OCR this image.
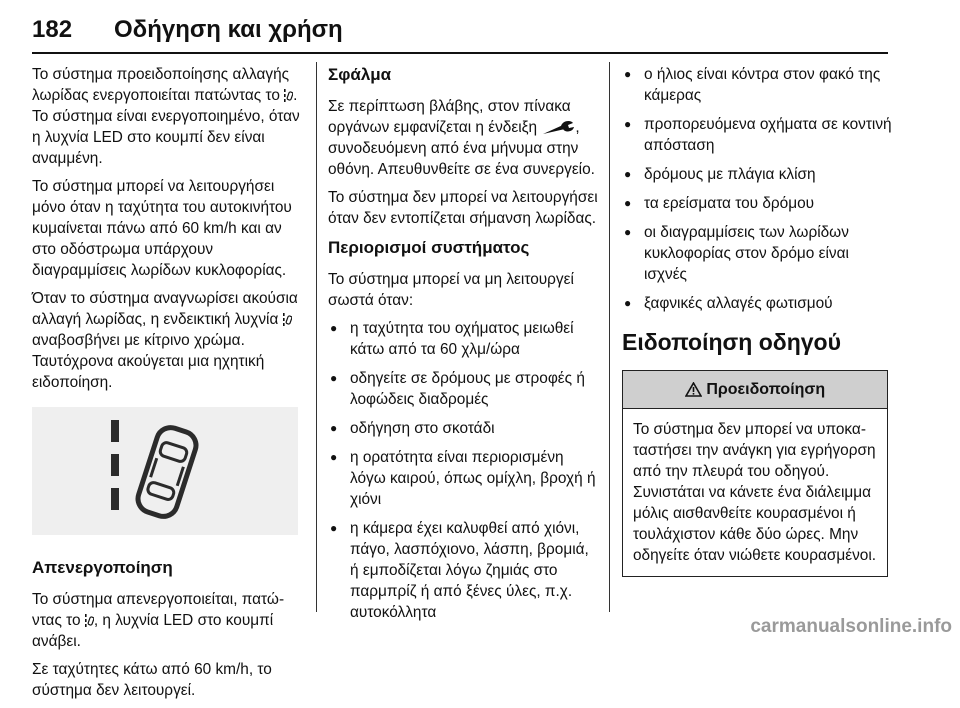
182	Οδήγηση και χρήση

Το σύστημα προειδοποίησης αλλαγής λωρίδας ενεργοποιείται πατώντας το . Το σύστημα είναι ενεργοποιημένο, όταν η λυχνία LED στο κουμπί δεν είναι αναμμένη.

Το σύστημα μπορεί να λειτουργήσει μόνο όταν η ταχύτητα του αυτοκινήτου κυμαίνεται πάνω από 60 km/h και αν στο οδόστρωμα υπάρχουν διαγραμμίσεις λωρίδων κυκλοφορίας.

Όταν το σύστημα αναγνωρίσει ακούσια αλλαγή λωρίδας, η ενδεικτική λυχνία  αναβοσβήνει με κίτρινο χρώμα. Ταυτόχρονα ακούγεται μια ηχητική ειδοποίηση.

Απενεργοποίηση

Το σύστημα απενεργοποιείται, πατώντας το , η λυχνία LED στο κουμπί ανάβει.

Σε ταχύτητες κάτω από 60 km/h, το σύστημα δεν λειτουργεί.

Σφάλμα

Σε περίπτωση βλάβης, στον πίνακα οργάνων εμφανίζεται η ένδειξη , συνοδευόμενη από ένα μήνυμα στην οθόνη. Απευθυνθείτε σε ένα συνεργείο.

Το σύστημα δεν μπορεί να λειτουργήσει όταν δεν εντοπίζεται σήμανση λωρίδας.

Περιορισμοί συστήματος

Το σύστημα μπορεί να μη λειτουργεί σωστά όταν:

● η ταχύτητα του οχήματος μειωθεί κάτω από τα 60 χλμ/ώρα
● οδηγείτε σε δρόμους με στροφές ή λοφώδεις διαδρομές
● οδήγηση στο σκοτάδι
● η ορατότητα είναι περιορισμένη λόγω καιρού, όπως ομίχλη, βροχή ή χιόνι
● η κάμερα έχει καλυφθεί από χιόνι, πάγο, λασπόχιονο, λάσπη, βρομιά, ή εμποδίζεται λόγω ζημιάς στο παρμπρίζ ή από ξένες ύλες, π.χ. αυτοκόλλητα
● ο ήλιος είναι κόντρα στον φακό της κάμερας
● προπορευόμενα οχήματα σε κοντινή απόσταση
● δρόμους με πλάγια κλίση
● τα ερείσματα του δρόμου
● οι διαγραμμίσεις των λωρίδων κυκλοφορίας στον δρόμο είναι ισχνές
● ξαφνικές αλλαγές φωτισμού
Ειδοποίηση οδηγού
Προειδοποίηση
Το σύστημα δεν μπορεί να υποκαταστήσει την ανάγκη για εγρήγορση από την πλευρά του οδηγού. Συνιστάται να κάνετε ένα διάλειμμα μόλις αισθανθείτε κουρασμένοι ή τουλάχιστον κάθε δύο ώρες. Μην οδηγείτε όταν νιώθετε κουρασμένοι.
carmanualsonline.info
